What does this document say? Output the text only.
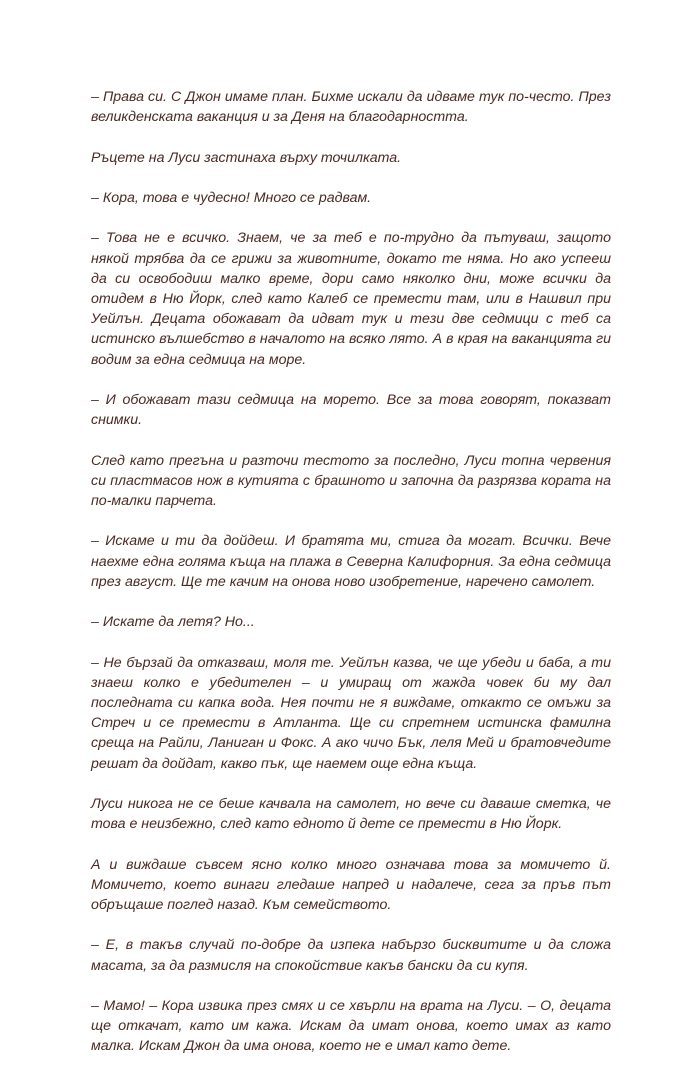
– Права си. С Джон имаме план. Бихме искали да идваме тук по-често. През великденската ваканция и за Деня на благодарността.

Ръцете на Луси застинаха върху точилката.

– Кора, това е чудесно! Много се радвам.

– Това не е всичко. Знаем, че за теб е по-трудно да пътуваш, защото някой трябва да се грижи за животните, докато те няма. Но ако успееш да си освободиш малко време, дори само няколко дни, може всички да отидем в Ню Йорк, след като Калеб се премести там, или в Нашвил при Уейлън. Децата обожават да идват тук и тези две седмици с теб са истинско вълшебство в началото на всяко лято. А в края на ваканцията ги водим за една седмица на море.

– И обожават тази седмица на морето. Все за това говорят, показват снимки.

След като прегъна и разточи тестото за последно, Луси топна червения си пластмасов нож в кутията с брашното и започна да разрязва кората на по-малки парчета.

– Искаме и ти да дойдеш. И братята ми, стига да могат. Всички. Вече наехме една голяма къща на плажа в Северна Калифорния. За една седмица през август. Ще те качим на онова ново изобретение, наречено самолет.

– Искате да летя? Но...

– Не бързай да отказваш, моля те. Уейлън казва, че ще убеди и баба, а ти знаеш колко е убедителен – и умиращ от жажда човек би му дал последната си капка вода. Нея почти не я виждаме, откакто се омъжи за Стреч и се премести в Атланта. Ще си спретнем истинска фамилна среща на Райли, Ланиган и Фокс. А ако чичо Бък, леля Мей и братовчедите решат да дойдат, какво пък, ще наемем още една къща.

Луси никога не се беше качвала на самолет, но вече си даваше сметка, че това е неизбежно, след като едното й дете се премести в Ню Йорк.

А и виждаше съвсем ясно колко много означава това за момичето й. Момичето, което винаги гледаше напред и надалече, сега за пръв път обръщаше поглед назад. Към семейството.

– Е, в такъв случай по-добре да изпека набързо бисквитите и да сложа масата, за да размисля на спокойствие какъв бански да си купя.

– Мамо! – Кора извика през смях и се хвърли на врата на Луси. – О, децата ще откачат, като им кажа. Искам да имат онова, което имах аз като малка. Искам Джон да има онова, което не е имал като дете.
